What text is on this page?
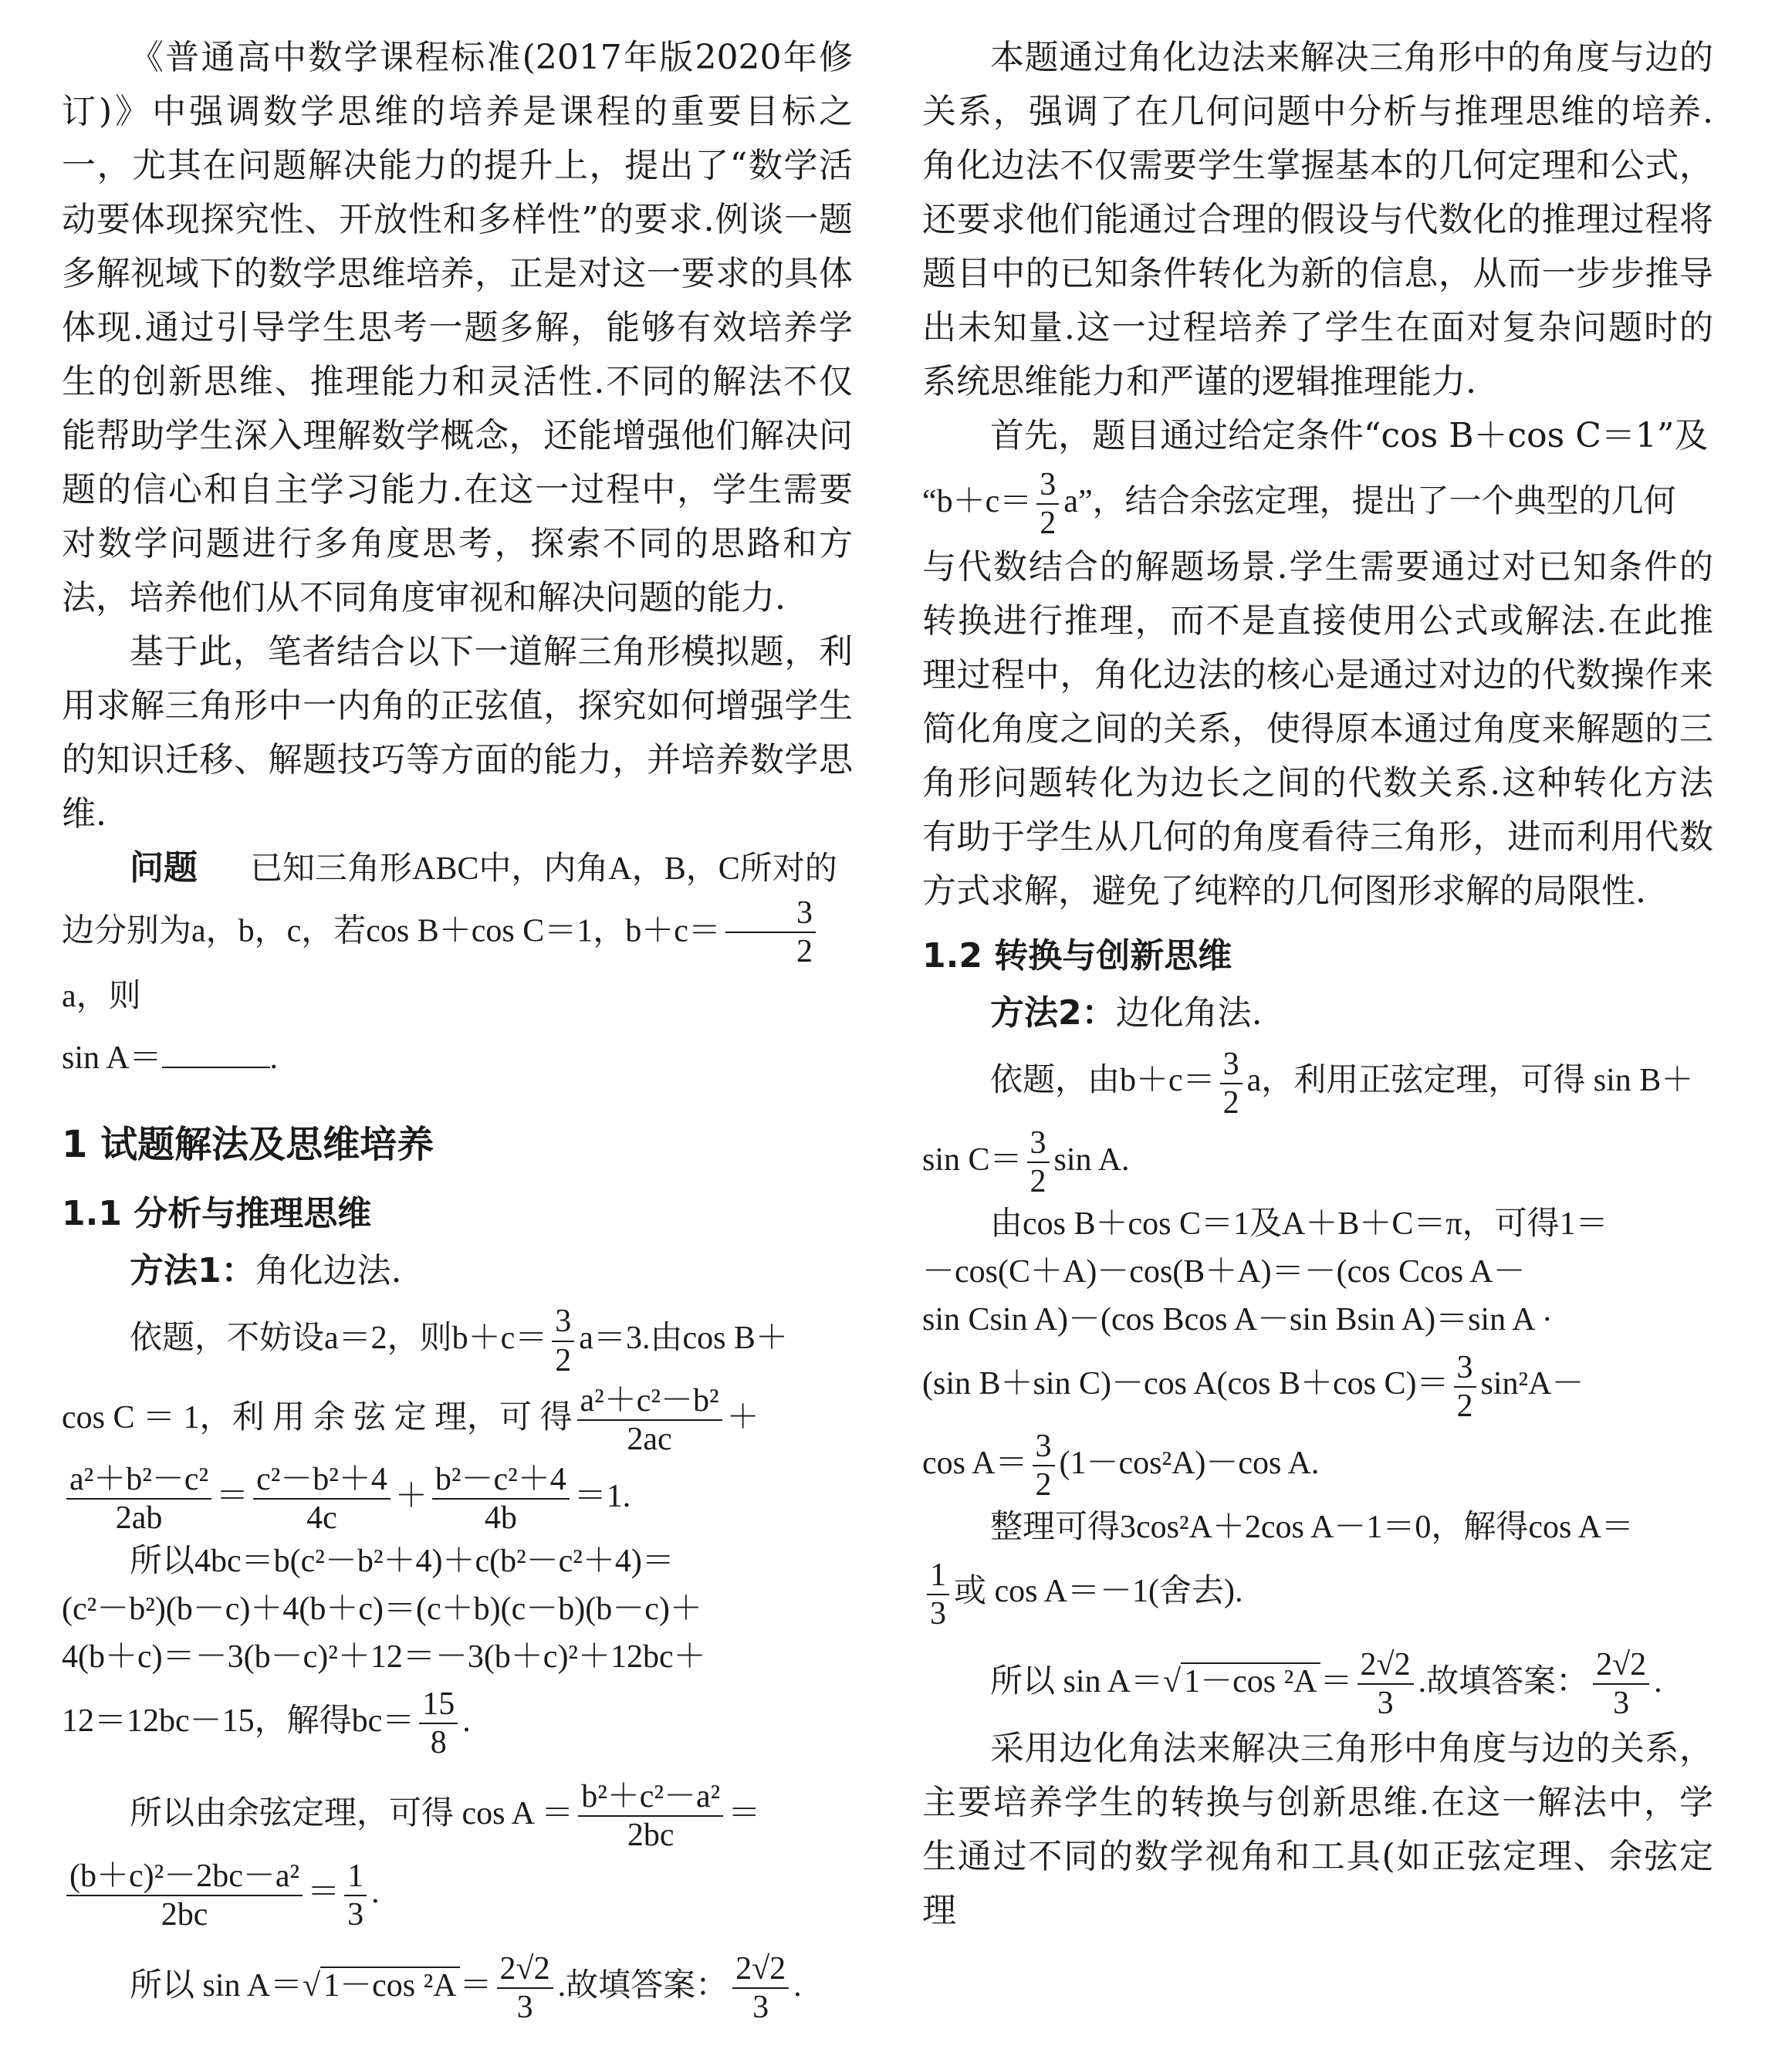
《普通高中数学课程标准(2017年版2020年修订)》中强调数学思维的培养是课程的重要目标之一，尤其在问题解决能力的提升上，提出了“数学活动要体现探究性、开放性和多样性”的要求.例谈一题多解视域下的数学思维培养，正是对这一要求的具体体现.通过引导学生思考一题多解，能够有效培养学生的创新思维、推理能力和灵活性.不同的解法不仅能帮助学生深入理解数学概念，还能增强他们解决问题的信心和自主学习能力.在这一过程中，学生需要对数学问题进行多角度思考，探索不同的思路和方法，培养他们从不同角度审视和解决问题的能力.

基于此，笔者结合以下一道解三角形模拟题，利用求解三角形中一内角的正弦值，探究如何增强学生的知识迁移、解题技巧等方面的能力，并培养数学思维.

问题 已知三角形ABC中，内角A，B，C所对的边分别为a，b，c，若cos B＋cos C＝1，$b+c= \frac{3}{2}$
a，则
sin A＝	.
1 试题解法及思维培养
1.1 分析与推理思维
方法1：角化边法.
依题，不妨设a＝2，则$b+c= \frac{3}{2} a=3$.由cos B＋
cos C ＝ 1，利 用 余 弦 定 理，可 得 $\frac{\text{a²＋c²－b²}}{2ac}$ ＋
$\frac{\text{a²＋b²－c²}}{2ab} = \frac{\text{c²－b²＋4}}{4c} + \frac{\text{b²－c²＋4}}{4b} =1$.

所以4bc＝b(c²－b²＋4)＋c(b²－c²＋4)＝

(c²－b²)(b－c)＋4(b＋c)＝(c＋b)(c－b)(b－c)＋

4(b＋c)＝－3(b－c)²＋12＝－3(b＋c)²＋12bc＋

12＝12bc－15，解得$bc= \frac{15}{8}$ .
所以由余弦定理，可得 $\cos A = \frac{\text{b²＋c²－a²}}{2bc}$ ＝
$\frac{\text{(b＋c)²－2bc－a²}}{2bc} = \frac{1}{3}$ .
所以 sin A＝√1－cos $^2A= \frac{2√2}{3}$ .故填答案： $\frac{2√2}{3}$ .

本题通过角化边法来解决三角形中的角度与边的关系，强调了在几何问题中分析与推理思维的培养.角化边法不仅需要学生掌握基本的几何定理和公式，还要求他们能通过合理的假设与代数化的推理过程将题目中的已知条件转化为新的信息，从而一步步推导出未知量.这一过程培养了学生在面对复杂问题时的系统思维能力和严谨的逻辑推理能力.

首先，题目通过给定条件“cos B＋cos C＝1”及

“$b+c= \frac{3}{2} a$”，结合余弦定理，提出了一个典型的几何

与代数结合的解题场景.学生需要通过对已知条件的转换进行推理，而不是直接使用公式或解法.在此推理过程中，角化边法的核心是通过对边的代数操作来简化角度之间的关系，使得原本通过角度来解题的三角形问题转化为边长之间的代数关系.这种转化方法有助于学生从几何的角度看待三角形，进而利用代数方式求解，避免了纯粹的几何图形求解的局限性.

1.2 转换与创新思维
方法2：边化角法.
依题，由$b+c= \frac{3}{2}$ a，利用正弦定理，可得 sin B＋
$\sin C= \frac{3}{2}$ sin A.

由cos B＋cos C＝1及A＋B＋C＝π，可得1＝

－cos(C＋A)－cos(B＋A)＝－(cos Ccos A－

sin Csin A)－(cos Bcos A－sin Bsin A)＝sin A ·

(sin B＋sin C)－cos A(cos B＋cos $C)= \frac{3}{2} \sin^2A-$
$\cos A= \frac{3}{2} (1-\cos^2A)-\cos$ A.

整理可得3cos²A＋2cos A－1＝0，解得cos A＝

$\frac{1}{3}$ 或 cos A＝－1(舍去).
所以 sin A＝√1－cos $^2A= \frac{2√2}{3}$ .故填答案： $\frac{2√2}{3}$ .

采用边化角法来解决三角形中角度与边的关系，主要培养学生的转换与创新思维.在这一解法中，学生通过不同的数学视角和工具(如正弦定理、余弦定理
